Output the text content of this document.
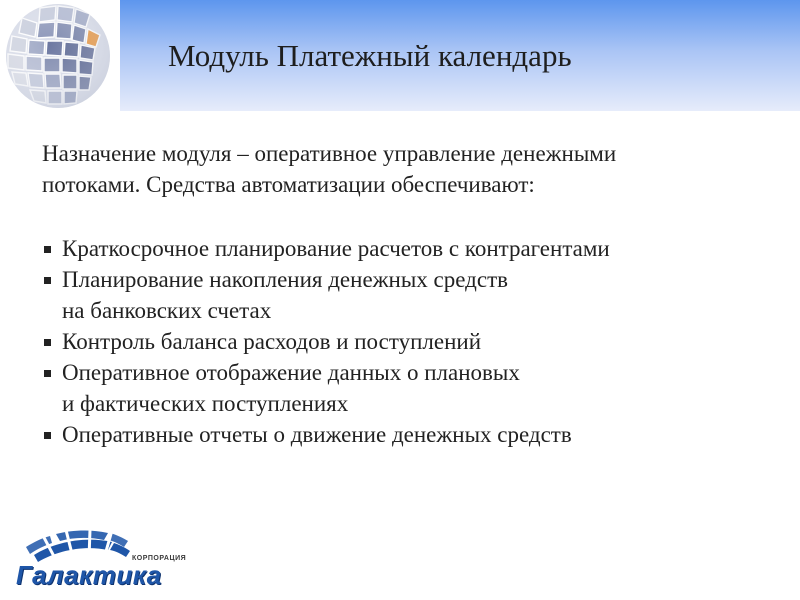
Модуль Платежный календарь

Назначение модуля – оперативное управление денежными

потоками. Средства автоматизации обеспечивают:

Краткосрочное планирование расчетов с контрагентами

Планирование накопления денежных средств

на банковских счетах

Контроль баланса расходов и поступлений

Оперативное отображение данных о плановых

и фактических поступлениях

Оперативные отчеты о движение денежных средств

КОРПОРАЦИЯ
Галактика
